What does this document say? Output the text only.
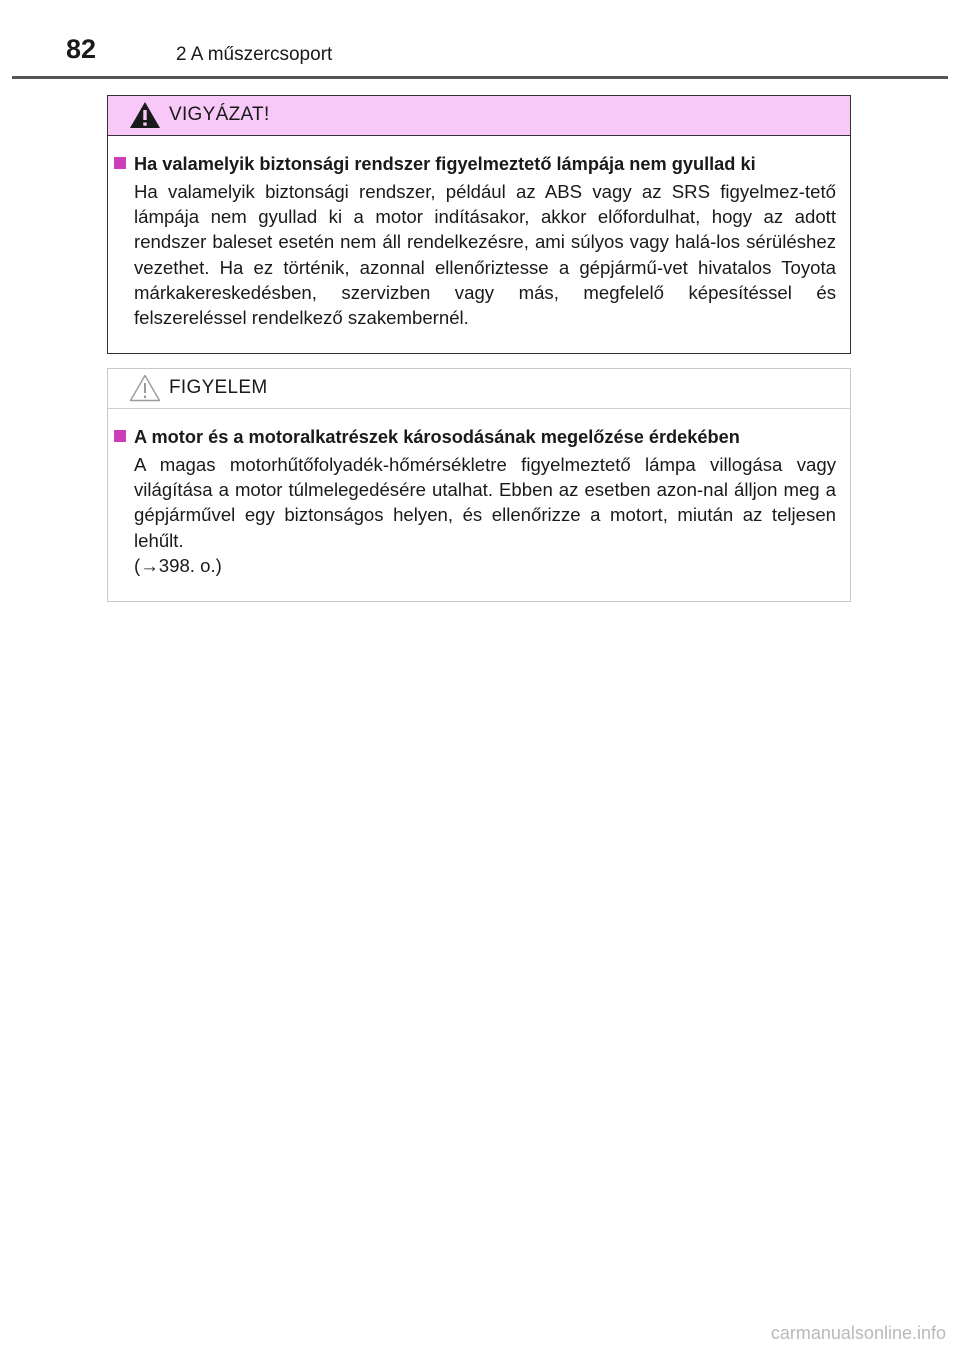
82	2 A műszercsoport
VIGYÁZAT!
Ha valamelyik biztonsági rendszer figyelmeztető lámpája nem gyullad ki

Ha valamelyik biztonsági rendszer, például az ABS vagy az SRS figyelmez-tető lámpája nem gyullad ki a motor indításakor, akkor előfordulhat, hogy az adott rendszer baleset esetén nem áll rendelkezésre, ami súlyos vagy halá-los sérüléshez vezethet. Ha ez történik, azonnal ellenőriztesse a gépjármű-vet hivatalos Toyota márkakereskedésben, szervizben vagy más, megfelelő képesítéssel és felszereléssel rendelkező szakembernél.

FIGYELEM
A motor és a motoralkatrészek károsodásának megelőzése érdekében

A magas motorhűtőfolyadék-hőmérsékletre figyelmeztető lámpa villogása vagy világítása a motor túlmelegedésére utalhat. Ebben az esetben azon-nal álljon meg a gépjárművel egy biztonságos helyen, és ellenőrizze a motort, miután az teljesen lehűlt.
(→398. o.)

carmanualsonline.info
